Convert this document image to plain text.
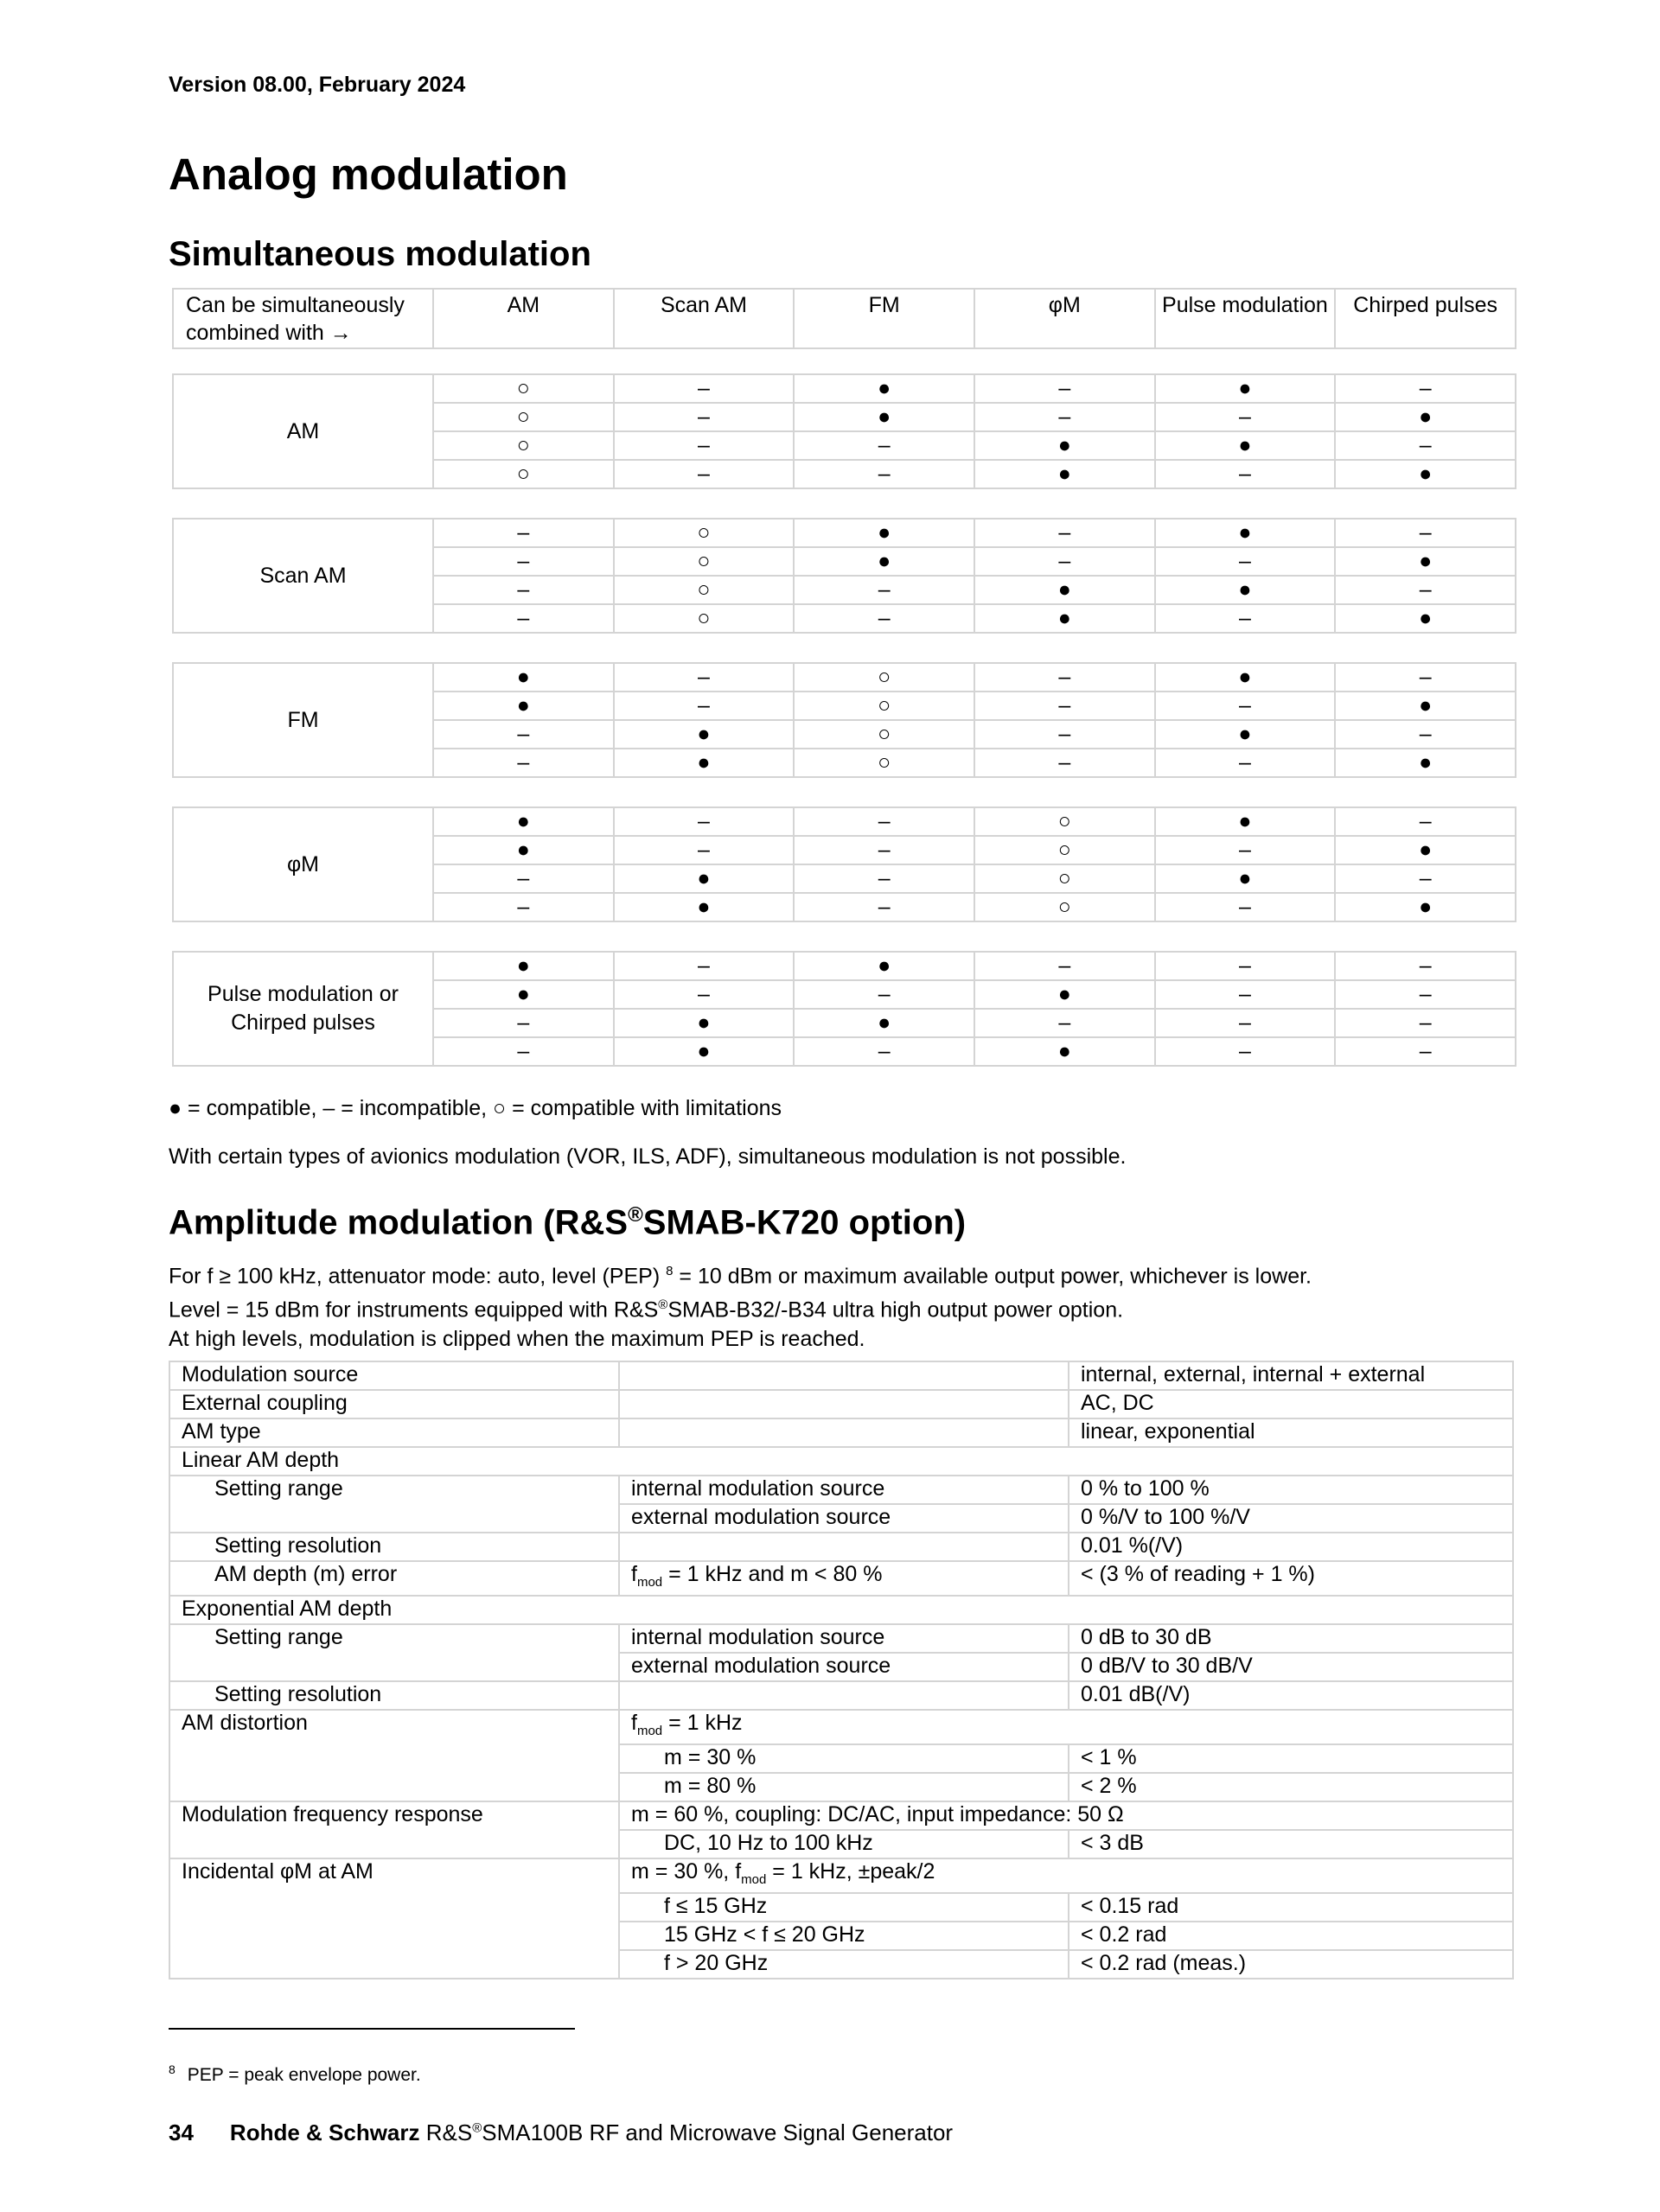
Version 08.00, February 2024
Analog modulation
Simultaneous modulation
Can be simultaneously combined with →	AM	Scan AM	FM	φM	Pulse modulation	Chirped pulses
AM	○	–	●	–	●	–
	○	–	●	–	–	●
	○	–	–	●	●	–
	○	–	–	●	–	●
Scan AM	–	○	●	–	●	–
	–	○	●	–	–	●
	–	○	–	●	●	–
	–	○	–	●	–	●
FM	●	–	○	–	●	–
	●	–	○	–	–	●
	–	●	○	–	●	–
	–	●	○	–	–	●
φM	●	–	–	○	●	–
	●	–	–	○	–	●
	–	●	–	○	●	–
	–	●	–	○	–	●
Pulse modulation or Chirped pulses	●	–	●	–	–	–
	●	–	–	●	–	–
	–	●	●	–	–	–
	–	●	–	●	–	–
● = compatible, – = incompatible, ○ = compatible with limitations
With certain types of avionics modulation (VOR, ILS, ADF), simultaneous modulation is not possible.
Amplitude modulation (R&S®SMAB-K720 option)
For f ≥ 100 kHz, attenuator mode: auto, level (PEP) $^8$ = 10 dBm or maximum available output power, whichever is lower.
Level = 15 dBm for instruments equipped with R&S®SMAB-B32/-B34 ultra high output power option.
At high levels, modulation is clipped when the maximum PEP is reached.
Modulation source		internal, external, internal + external
External coupling		AC, DC
AM type		linear, exponential
Linear AM depth		
Setting range	internal modulation source	0 % to 100 %
	external modulation source	0 %/V to 100 %/V
Setting resolution		0.01 %(/V)
AM depth (m) error	$f_{mod} = 1$ kHz and m < 80 %	< (3 % of reading + 1 %)
Exponential AM depth		
Setting range	internal modulation source	0 dB to 30 dB
	external modulation source	0 dB/V to 30 dB/V
Setting resolution		0.01 dB(/V)
AM distortion	$f_{mod} = 1$ kHz	
	m = 30 %	< 1 %
	m = 80 %	< 2 %
Modulation frequency response	m = 60 %, coupling: DC/AC, input impedance: 50 Ω	
	DC, 10 Hz to 100 kHz	< 3 dB
Incidental φM at AM	m = 30 %, $f_{mod} = 1$ kHz, ±peak/2	
	f ≤ 15 GHz	< 0.15 rad
	15 GHz < f ≤ 20 GHz	< 0.2 rad
	f > 20 GHz	< 0.2 rad (meas.)
$^8$ PEP = peak envelope power.
34 Rohde & Schwarz R&S®SMA100B RF and Microwave Signal Generator
